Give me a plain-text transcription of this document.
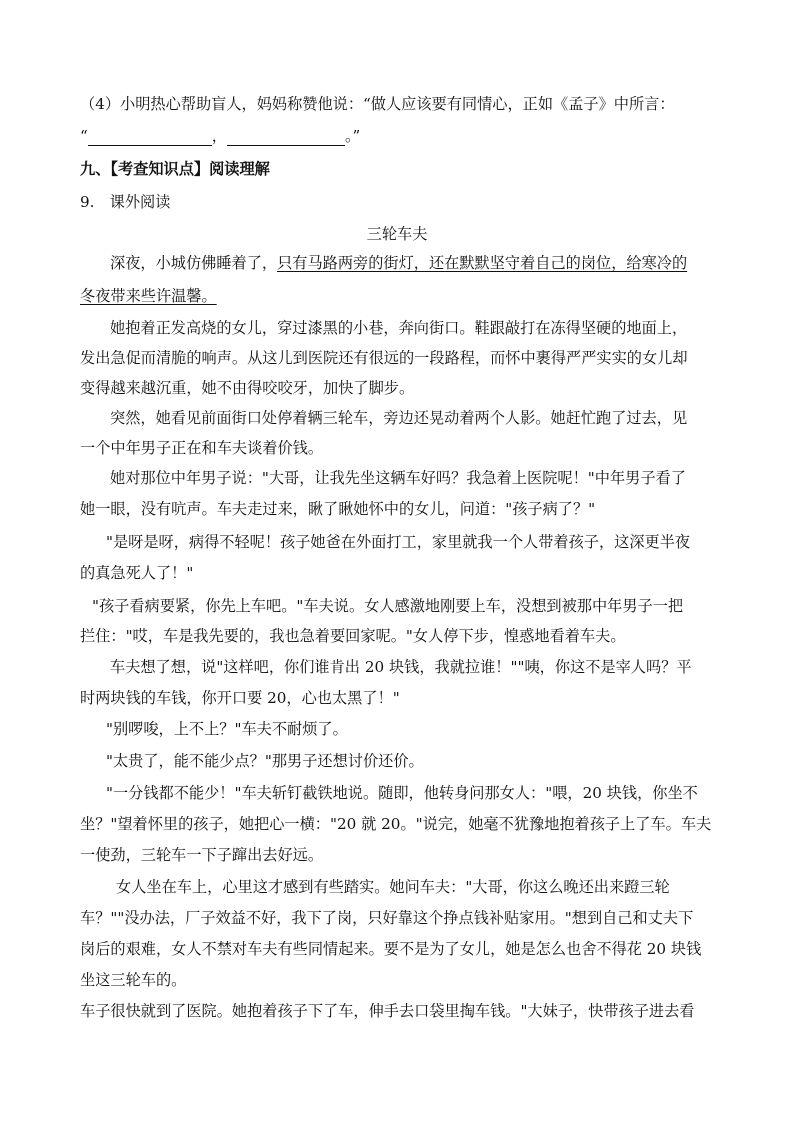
（4）小明热心帮助盲人，妈妈称赞他说：“做人应该要有同情心，正如《孟子》中所言：
“	，	。”
九、【考查知识点】阅读理解
9.　课外阅读
三轮车夫
深夜，小城仿佛睡着了，只有马路两旁的街灯，还在默默坚守着自己的岗位，给寒冷的
冬夜带来些许温馨。
她抱着正发高烧的女儿，穿过漆黑的小巷，奔向街口。鞋跟敲打在冻得坚硬的地面上，
发出急促而清脆的响声。从这儿到医院还有很远的一段路程，而怀中裹得严严实实的女儿却
变得越来越沉重，她不由得咬咬牙，加快了脚步。
突然，她看见前面街口处停着辆三轮车，旁边还晃动着两个人影。她赶忙跑了过去，见
一个中年男子正在和车夫谈着价钱。
她对那位中年男子说："大哥，让我先坐这辆车好吗？我急着上医院呢！"中年男子看了
她一眼，没有吭声。车夫走过来，瞅了瞅她怀中的女儿，问道："孩子病了？"
"是呀是呀，病得不轻呢！孩子她爸在外面打工，家里就我一个人带着孩子，这深更半夜
的真急死人了！"
"孩子看病要紧，你先上车吧。"车夫说。女人感激地刚要上车，没想到被那中年男子一把
拦住："哎，车是我先要的，我也急着要回家呢。"女人停下步，惶惑地看着车夫。
车夫想了想，说"这样吧，你们谁肯出 20 块钱，我就拉谁！""咦，你这不是宰人吗？平
时两块钱的车钱，你开口要 20，心也太黑了！"
"别啰唆，上不上？"车夫不耐烦了。
"太贵了，能不能少点？"那男子还想讨价还价。
"一分钱都不能少！"车夫斩钉截铁地说。随即，他转身问那女人："喂，20 块钱，你坐不
坐？"望着怀里的孩子，她把心一横："20 就 20。"说完，她毫不犹豫地抱着孩子上了车。车夫
一使劲，三轮车一下子蹿出去好远。
女人坐在车上，心里这才感到有些踏实。她问车夫："大哥，你这么晚还出来蹬三轮
车？""没办法，厂子效益不好，我下了岗，只好靠这个挣点钱补贴家用。"想到自己和丈夫下
岗后的艰难，女人不禁对车夫有些同情起来。要不是为了女儿，她是怎么也舍不得花 20 块钱
坐这三轮车的。
车子很快就到了医院。她抱着孩子下了车，伸手去口袋里掏车钱。"大妹子，快带孩子进去看
